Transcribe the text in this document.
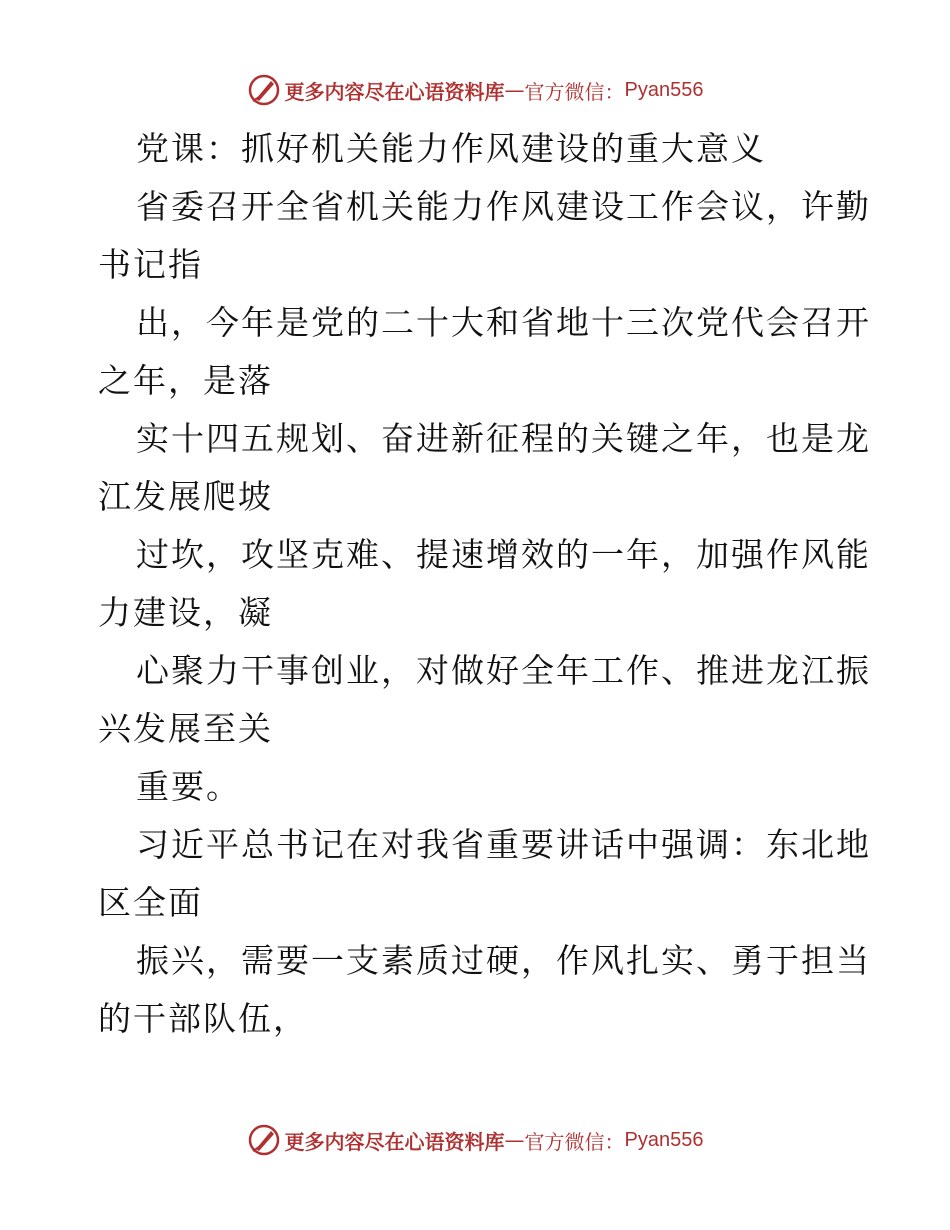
更多内容尽在心语资料库 — 官方微信： Pyan556
党课：抓好机关能力作风建设的重大意义
省委召开全省机关能力作风建设工作会议，许勤
书记指
出，今年是党的二十大和省地十三次党代会召开
之年，是落
实十四五规划、奋进新征程的关键之年，也是龙
江发展爬坡
过坎，攻坚克难、提速增效的一年，加强作风能
力建设，凝
心聚力干事创业，对做好全年工作、推进龙江振
兴发展至关
重要。
习近平总书记在对我省重要讲话中强调：东北地
区全面
振兴，需要一支素质过硬，作风扎实、勇于担当
的干部队伍，
更多内容尽在心语资料库 — 官方微信： Pyan556
